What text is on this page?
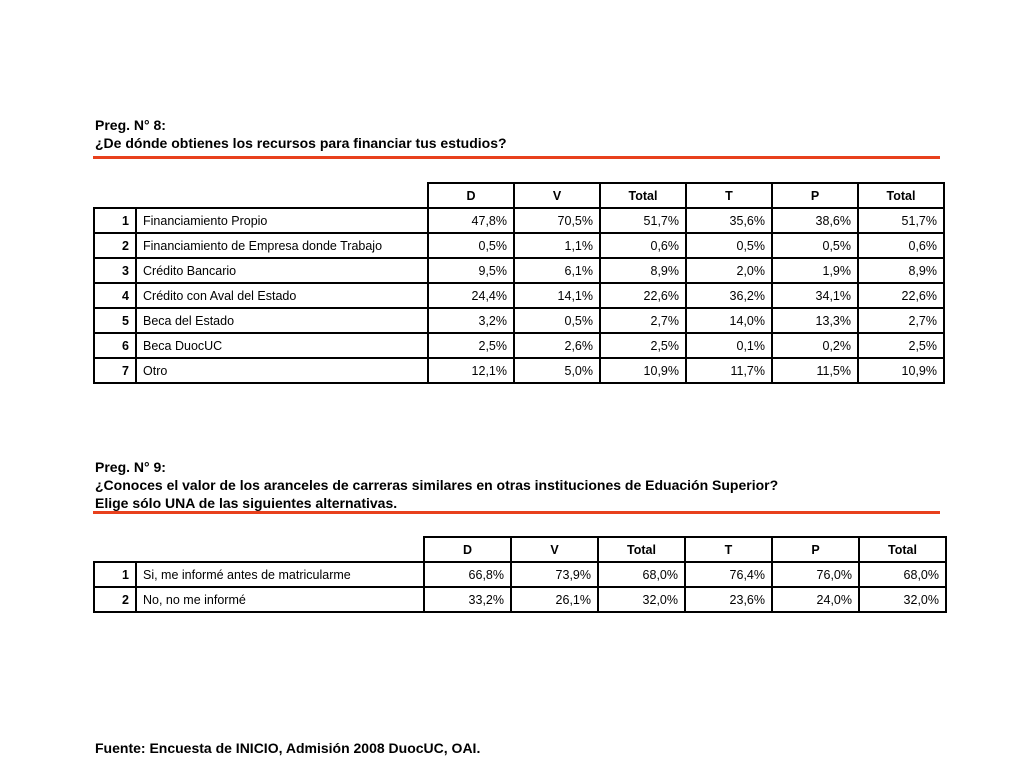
Preg. N° 8:
¿De dónde obtienes los recursos para financiar tus estudios?
		D	V	Total	T	P	Total
1	Financiamiento Propio	47,8%	70,5%	51,7%	35,6%	38,6%	51,7%
2	Financiamiento de Empresa donde Trabajo	0,5%	1,1%	0,6%	0,5%	0,5%	0,6%
3	Crédito Bancario	9,5%	6,1%	8,9%	2,0%	1,9%	8,9%
4	Crédito con Aval del Estado	24,4%	14,1%	22,6%	36,2%	34,1%	22,6%
5	Beca del Estado	3,2%	0,5%	2,7%	14,0%	13,3%	2,7%
6	Beca DuocUC	2,5%	2,6%	2,5%	0,1%	0,2%	2,5%
7	Otro	12,1%	5,0%	10,9%	11,7%	11,5%	10,9%
Preg. N° 9:
¿Conoces el valor de los aranceles de carreras similares en otras instituciones de Eduación Superior?
Elige sólo UNA de las siguientes alternativas.
		D	V	Total	T	P	Total
1	Si, me informé antes de matricularme	66,8%	73,9%	68,0%	76,4%	76,0%	68,0%
2	No, no me informé	33,2%	26,1%	32,0%	23,6%	24,0%	32,0%
Fuente: Encuesta de INICIO, Admisión 2008 DuocUC, OAI.
